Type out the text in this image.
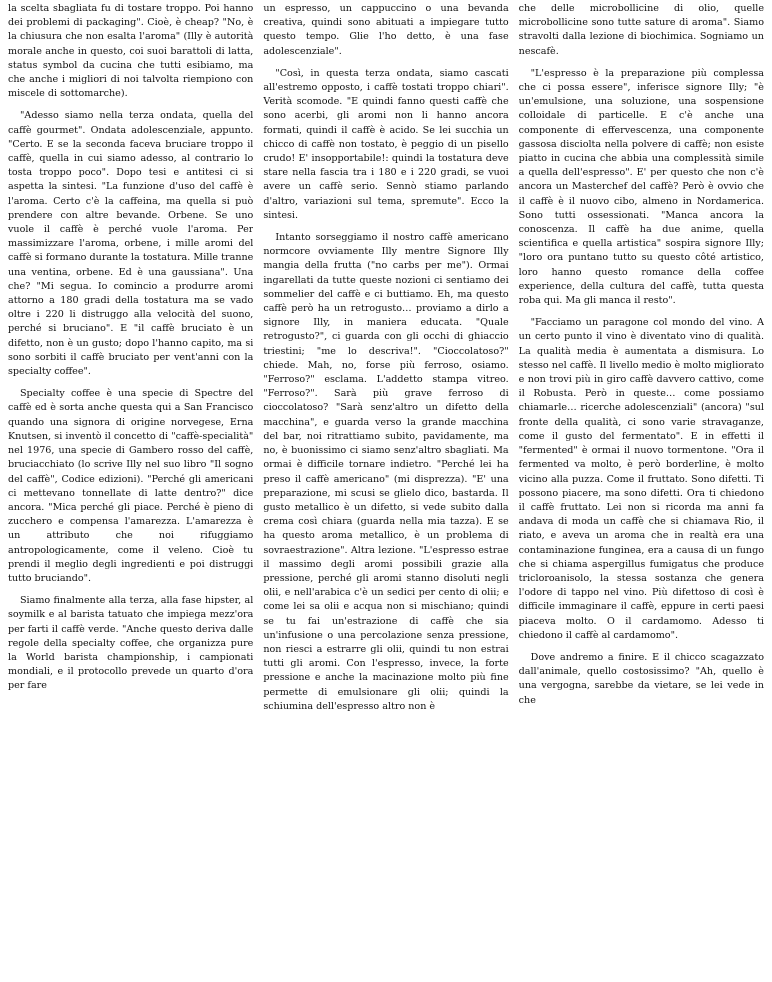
la scelta sbagliata fu di tostare troppo. Poi hanno dei problemi di packaging". Cioè, è cheap? "No, è la chiusura che non esalta l'aroma" (Illy è autorità morale anche in questo, coi suoi barattoli di latta, status symbol da cucina che tutti esibiamo, ma che anche i migliori di noi talvolta riempiono con miscele di sottomarche).

"Adesso siamo nella terza ondata, quella del caffè gourmet". Ondata adolescenziale, appunto. "Certo. E se la seconda faceva bruciare troppo il caffè, quella in cui siamo adesso, al contrario lo tosta troppo poco". Dopo tesi e antitesi ci si aspetta la sintesi. "La funzione d'uso del caffè è l'aroma. Certo c'è la caffeina, ma quella si può prendere con altre bevande. Orbene. Se uno vuole il caffè è perché vuole l'aroma. Per massimizzare l'aroma, orbene, i mille aromi del caffè si formano durante la tostatura. Mille tranne una ventina, orbene. Ed è una gaussiana". Una che? "Mi segua. Io comincio a produrre aromi attorno a 180 gradi della tostatura ma se vado oltre i 220 li distruggo alla velocità del suono, perché si bruciano". E "il caffè bruciato è un difetto, non è un gusto; dopo l'hanno capito, ma si sono sorbiti il caffè bruciato per vent'anni con la specialty coffee".

Specialty coffee è una specie di Spectre del caffè ed è sorta anche questa qui a San Francisco quando una signora di origine norvegese, Erna Knutsen, si inventò il concetto di "caffè-specialità" nel 1976, una specie di Gambero rosso del caffè, bruciacchiato (lo scrive Illy nel suo libro "Il sogno del caffè", Codice edizioni). "Perché gli americani ci mettevano tonnellate di latte dentro?" dice ancora. "Mica perché gli piace. Perché è pieno di zucchero e compensa l'amarezza. L'amarezza è un attributo che noi rifuggiamo antropologicamente, come il veleno. Cioè tu prendi il meglio degli ingredienti e poi distruggi tutto bruciando".

Siamo finalmente alla terza, alla fase hipster, al soymilk e al barista tatuato che impiega mezz'ora per farti il caffè verde. "Anche questo deriva dalle regole della specialty coffee, che organizza pure la World barista championship, i campionati mondiali, e il protocollo prevede un quarto d'ora per fare

un espresso, un cappuccino o una bevanda creativa, quindi sono abituati a impiegare tutto questo tempo. Glie l'ho detto, è una fase adolescenziale".

"Così, in questa terza ondata, siamo cascati all'estremo opposto, i caffè tostati troppo chiari". Verità scomode. "E quindi fanno questi caffè che sono acerbi, gli aromi non li hanno ancora formati, quindi il caffè è acido. Se lei succhia un chicco di caffè non tostato, è peggio di un pisello crudo! E' insopportabile!: quindi la tostatura deve stare nella fascia tra i 180 e i 220 gradi, se vuoi avere un caffè serio. Sennò stiamo parlando d'altro, variazioni sul tema, spremute". Ecco la sintesi.

Intanto sorseggiamo il nostro caffè americano normcore ovviamente Illy mentre Signore Illy mangia della frutta ("no carbs per me"). Ormai ingarellati da tutte queste nozioni ci sentiamo dei sommelier del caffè e ci buttiamo. Eh, ma questo caffè però ha un retrogusto… proviamo a dirlo a signore Illy, in maniera educata. "Quale retrogusto?", ci guarda con gli occhi di ghiaccio triestini; "me lo descriva!". "Cioccolatoso?" chiede. Mah, no, forse più ferroso, osiamo. "Ferroso?" esclama. L'addetto stampa vitreo. "Ferroso?". Sarà più grave ferroso di cioccolatoso? "Sarà senz'altro un difetto della macchina", e guarda verso la grande macchina del bar, noi ritrattiamo subito, pavidamente, ma no, è buonissimo ci siamo senz'altro sbagliati. Ma ormai è difficile tornare indietro. "Perché lei ha preso il caffè americano" (mi disprezza). "E' una preparazione, mi scusi se glielo dico, bastarda. Il gusto metallico è un difetto, si vede subito dalla crema così chiara (guarda nella mia tazza). E se ha questo aroma metallico, è un problema di sovraestrazione". Altra lezione. "L'espresso estrae il massimo degli aromi possibili grazie alla pressione, perché gli aromi stanno disoluti negli olii, e nell'arabica c'è un sedici per cento di olii; e come lei sa olii e acqua non si mischiano; quindi se tu fai un'estrazione di caffè che sia un'infusione o una percolazione senza pressione, non riesci a estrarre gli olii, quindi tu non estrai tutti gli aromi. Con l'espresso, invece, la forte pressione e anche la macinazione molto più fine permette di emulsionare gli olii; quindi la schiumina dell'espresso altro non è

che delle microbollicine di olio, quelle microbollicine sono tutte sature di aroma". Siamo stravolti dalla lezione di biochimica. Sogniamo un nescafè.

"L'espresso è la preparazione più complessa che ci possa essere", inferisce signore Illy; "è un'emulsione, una soluzione, una sospensione colloidale di particelle. E c'è anche una componente di effervescenza, una componente gassosa disciolta nella polvere di caffè; non esiste piatto in cucina che abbia una complessità simile a quella dell'espresso". E' per questo che non c'è ancora un Masterchef del caffè? Però è ovvio che il caffè è il nuovo cibo, almeno in Nordamerica. Sono tutti ossessionati. "Manca ancora la conoscenza. Il caffè ha due anime, quella scientifica e quella artistica" sospira signore Illy; "loro ora puntano tutto su questo côté artistico, loro hanno questo romance della coffee experience, della cultura del caffè, tutta questa roba qui. Ma gli manca il resto".

"Facciamo un paragone col mondo del vino. A un certo punto il vino è diventato vino di qualità. La qualità media è aumentata a dismisura. Lo stesso nel caffè. Il livello medio è molto migliorato e non trovi più in giro caffè davvero cattivo, come il Robusta. Però in queste… come possiamo chiamarle… ricerche adolescenziali" (ancora) "sul fronte della qualità, ci sono varie stravaganze, come il gusto del fermentato". E in effetti il "fermented" è ormai il nuovo tormentone. "Ora il fermented va molto, è però borderline, è molto vicino alla puzza. Come il fruttato. Sono difetti. Ti possono piacere, ma sono difetti. Ora ti chiedono il caffè fruttato. Lei non si ricorda ma anni fa andava di moda un caffè che si chiamava Rio, il riato, e aveva un aroma che in realtà era una contaminazione funginea, era a causa di un fungo che si chiama aspergillus fumigatus che produce tricloroanisolo, la stessa sostanza che genera l'odore di tappo nel vino. Più difettoso di così è difficile immaginare il caffè, eppure in certi paesi piaceva molto. O il cardamomo. Adesso ti chiedono il caffè al cardamomo".

Dove andremo a finire. E il chicco scagazzato dall'animale, quello costosissimo? "Ah, quello è una vergogna, sarebbe da vietare, se lei vede in che
